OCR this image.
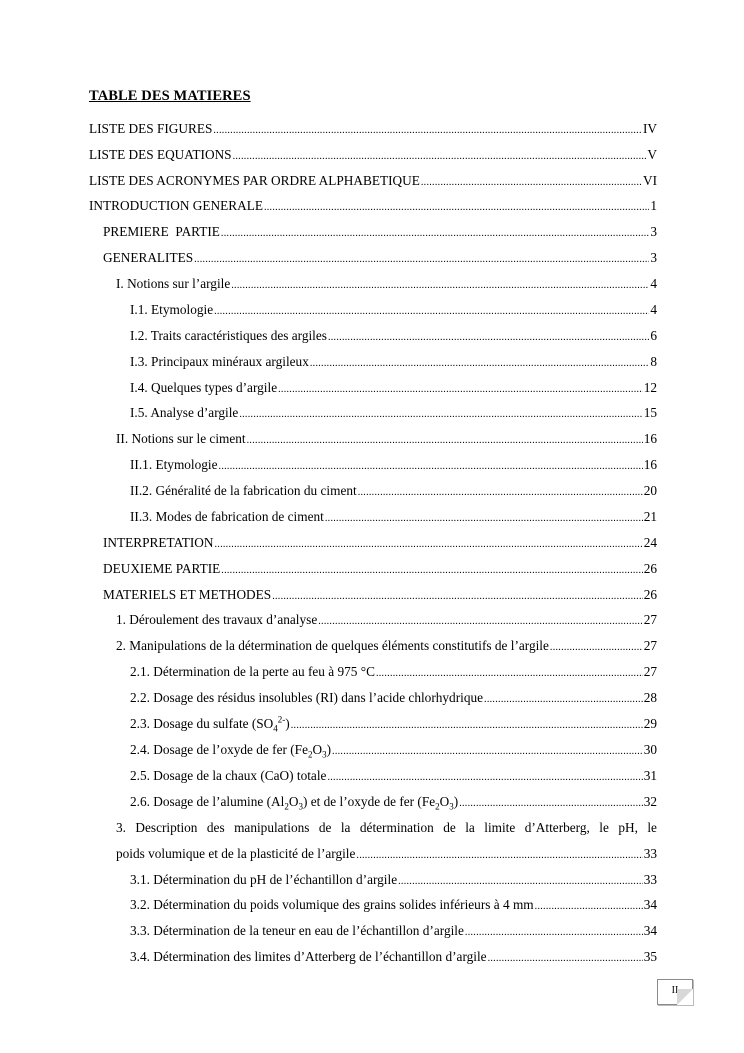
TABLE DES MATIERES
LISTE DES FIGURES .....	IV
LISTE DES EQUATIONS .....	V
LISTE DES ACRONYMES PAR ORDRE ALPHABETIQUE .....	VI
INTRODUCTION GENERALE .....	1
PREMIERE  PARTIE .....	3
GENERALITES .....	3
I. Notions sur l’argile .....	4
I.1. Etymologie .....	4
I.2. Traits caractéristiques des argiles .....	6
I.3. Principaux minéraux argileux .....	8
I.4. Quelques types d’argile .....	12
I.5. Analyse d’argile .....	15
II. Notions sur le ciment .....	16
II.1. Etymologie .....	16
II.2. Généralité de la fabrication du ciment .....	20
II.3. Modes de fabrication de ciment .....	21
INTERPRETATION .....	24
DEUXIEME PARTIE .....	26
MATERIELS ET METHODES .....	26
1. Déroulement des travaux d’analyse .....	27
2. Manipulations de la détermination de quelques éléments constitutifs de l’argile .....	27
2.1. Détermination de la perte au feu à 975 °C .....	27
2.2. Dosage des résidus insolubles (RI) dans l’acide chlorhydrique .....	28
2.3. Dosage du sulfate $(SO_4^{2-})$ .....	29
2.4. Dosage de l’oxyde de fer $(Fe_2O_3)$ .....	30
2.5. Dosage de la chaux (CaO) totale .....	31
2.6. Dosage de l’alumine $(Al_2O_3)$ et de l’oxyde de fer $(Fe_2O_3)$ .....	32
3. Description des manipulations de la détermination de la limite d’Atterberg, le pH, le
poids volumique et de la plasticité de l’argile .....	33
3.1. Détermination du pH de l’échantillon d’argile .....	33
3.2. Détermination du poids volumique des grains solides inférieurs à 4 mm .....	34
3.3. Détermination de la teneur en eau de l’échantillon d’argile .....	34
3.4. Détermination des limites d’Atterberg de l’échantillon d’argile .....	35
II
